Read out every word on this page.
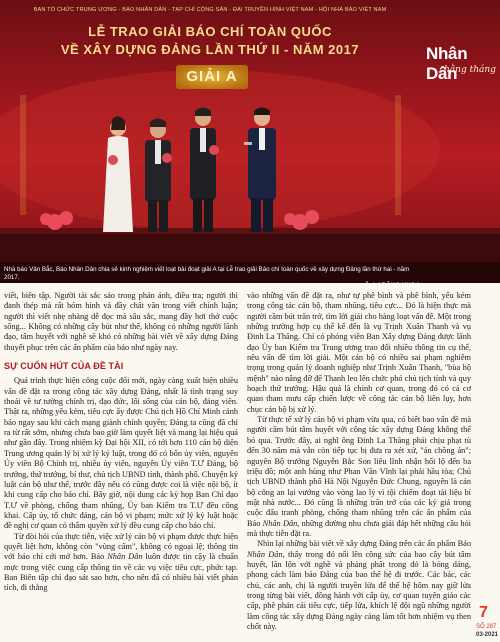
BAN TỔ CHỨC TRUNG ƯƠNG - BÁO NHÂN DÂN - TẠP CHÍ CỘNG SẢN - ĐÀI TRUYỀN HÌNH VIỆT NAM - HỘI NHÀ BÁO VIỆT NAM
LỄ TRAO GIẢI BÁO CHÍ TOÀN QUỐC
VỀ XÂY DỰNG ĐẢNG LẦN THỨ II - NĂM 2017
GIẢI A
Nhân Dân
hằng tháng
Nhà báo Vân Bắc, Báo Nhân Dân chia sẻ kinh nghiệm viết loạt bài đoạt giải A tại Lễ trao giải Báo chí toàn quốc về xây dựng Đảng lần thứ hai - năm 2017.
Ảnh | ĐĂNG KHOA

viết, biên tập. Người tài sắc sảo trong phản ánh, điều tra; người thì đanh thép mà rất hóm hỉnh và đầy chất văn trong viết chính luận; người thì viết nhẹ nhàng dễ đọc mà sâu sắc, mang đầy hơi thở cuộc sống... Không có những cây bút như thế, không có những người lãnh đạo, tâm huyết với nghề sẽ khó có những bài viết về xây dựng Đảng thuyết phục trên các ấn phẩm của báo như ngày nay.

SỰ CUỐN HÚT CỦA ĐỀ TÀI

Quá trình thực hiện công cuộc đổi mới, ngày càng xuất hiện nhiều vấn đề đặt ra trong công tác xây dựng Đảng, nhất là tình trạng suy thoái về tư tưởng chính trị, đạo đức, lối sống của cán bộ, đảng viên. Thật ra, những yếu kém, tiêu cực ấy được Chủ tịch Hồ Chí Minh cảnh báo ngay sau khi cách mạng giành chính quyền; Đảng ta cũng đã chỉ ra từ rất sớm, nhưng chưa bao giờ làm quyết liệt và mang lại hiệu quả như gần đây. Trong nhiệm kỳ Đại hội XII, có tới hơn 110 cán bộ diện Trung ương quản lý bị xử lý kỷ luật, trong đó có bốn ủy viên, nguyên Ủy viên Bộ Chính trị, nhiều ủy viên, nguyên Ủy viên T.Ư Đảng, bộ trưởng, thứ trưởng, bí thư, chủ tịch UBND tỉnh, thành phố. Chuyện kỷ luật cán bộ như thế, trước đây nếu có cũng được coi là việc nội bộ, ít khi cung cấp cho báo chí. Bây giờ, nội dung các kỳ họp Ban Chỉ đạo T.Ư về phòng, chống tham nhũng, Ủy ban Kiểm tra T.Ư đều công khai. Cấp ủy, tổ chức đảng, cán bộ vi phạm; mức xử lý kỷ luật hoặc đề nghị cơ quan có thẩm quyền xử lý đều cung cấp cho báo chí.

Từ đòi hỏi của thực tiễn, việc xử lý cán bộ vi phạm được thực hiện quyết liệt hơn, không còn "vùng cấm", không có ngoại lệ; thông tin với báo chí cởi mở hơn. Báo Nhân Dân luôn được tin cậy là chuẩn mực trong việc cung cấp thông tin về các vụ việc tiêu cực, phức tạp. Ban Biên tập chỉ đạo sát sao hơn, cho nên đã có nhiều bài viết phản tích, đi thẳng

vào những vấn đề đặt ra, như tự phê bình và phê bình, yếu kém trong công tác cán bộ, tham nhũng, tiêu cực... Đó là hiện thực mà người cầm bút trăn trở, tìm lời giải cho hàng loạt vấn đề. Một trong những trường hợp cụ thể kể đến là vụ Trịnh Xuân Thanh và vụ Đinh La Thăng. Chỉ có phóng viên Ban Xây dựng Đảng được lãnh đạo Ủy ban Kiểm tra Trung ương trao đổi nhiều thông tin cụ thể, nêu vấn đề tìm lời giải. Một cán bộ có nhiều sai phạm nghiêm trọng trong quản lý doanh nghiệp như Trịnh Xuân Thanh, "bùa hộ mệnh" nào nâng đỡ để Thanh leo lên chức phó chủ tịch tỉnh và quy hoạch thứ trưởng. Hậu quả là chính cơ quan, trong đó có cả cơ quan tham mưu cấp chiến lược về công tác cán bộ liên lụy, hơn chục cán bộ bị xử lý.

Từ thực tế xử lý cán bộ vi phạm vừa qua, có biết bao vấn đề mà người cầm bút tâm huyết với công tác xây dựng Đảng không thể bỏ qua. Trước đây, ai nghĩ ông Đinh La Thăng phải chịu phạt tù đến 30 năm mà vẫn còn tiếp tục bị đưa ra xét xử, "án chồng án"; nguyên Bộ trưởng Nguyễn Bắc Son liêu lĩnh nhận hối lộ đến ba triệu đô; một anh hùng như Phan Văn Vĩnh lại phải hầu tòa; Chủ tịch UBND thành phố Hà Nội Nguyễn Đức Chung, nguyên là cán bộ công an lại vướng vào vòng lao lý vì tội chiếm đoạt tài liệu bí mật nhà nước... Đó cũng là những trăn trở của các ký giả trong cuộc đấu tranh phòng, chống tham nhũng trên các ấn phẩm của Báo Nhân Dân, những đường nhu chưa giải đáp hết những câu hỏi mà thực tiễn đặt ra.

Nhìn lại những bài viết về xây dựng Đảng trên các ấn phẩm Báo Nhân Dân, thấy trong đó nổi lên công sức của bao cây bút tâm huyết, lăn lộn với nghề và phảng phất trong đó là bóng dáng, phong cách làm báo Đảng của bao thế hệ đi trước. Các bác, các chú, các anh, chị là người truyền lửa để thế hệ hôm nay giữ lửa trong từng bài viết, đồng hành với cấp ủy, cơ quan tuyên giáo các cấp, phê phán cái tiêu cực, tiếp lửa, khích lệ đội ngũ những người làm công tác xây dựng Đảng ngày càng làm tốt hơn nhiệm vụ then chốt này.

7
SỐ 287
03-2021
